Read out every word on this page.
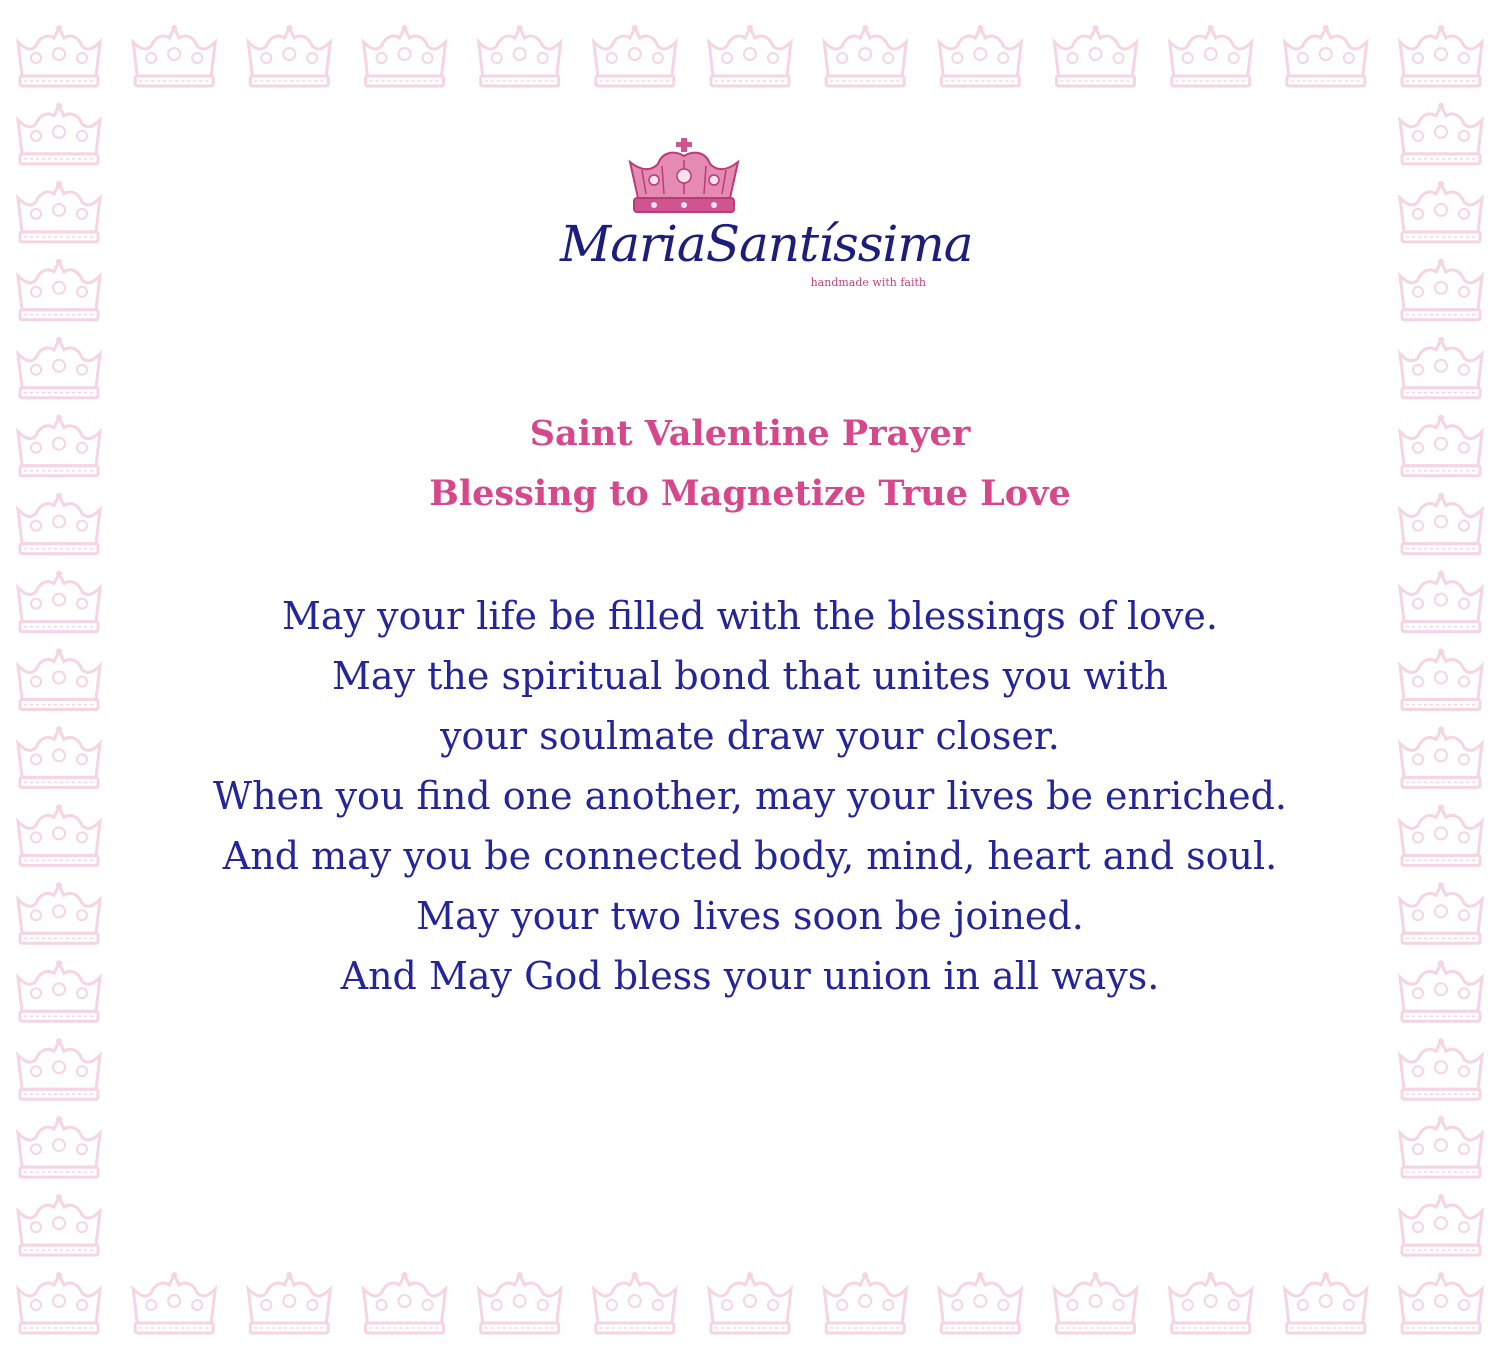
MariaSantíssima
handmade with faith
Saint Valentine Prayer
Blessing to Magnetize True Love
May your life be filled with the blessings of love.
May the spiritual bond that unites you with
your soulmate draw your closer.
When you find one another, may your lives be enriched.
And may you be connected body, mind, heart and soul.
May your two lives soon be joined.
And May God bless your union in all ways.
